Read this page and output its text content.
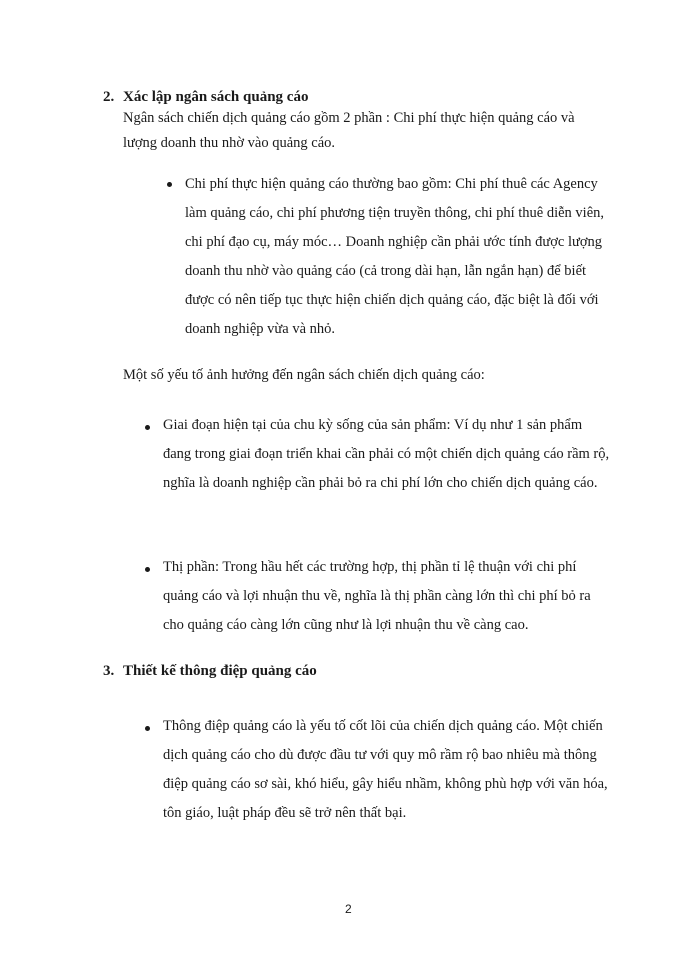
2. Xác lập ngân sách quảng cáo

Ngân sách chiến dịch quảng cáo gồm 2 phần : Chi phí thực hiện quảng cáo và lượng doanh thu nhờ vào quảng cáo.

Chi phí thực hiện quảng cáo thường bao gồm: Chi phí thuê các Agency làm quảng cáo, chi phí phương tiện truyền thông, chi phí thuê diễn viên, chi phí đạo cụ, máy móc… Doanh nghiệp cần phải ước tính được lượng doanh thu nhờ vào quảng cáo (cả trong dài hạn, lẫn ngắn hạn) để biết được có nên tiếp tục thực hiện chiến dịch quảng cáo, đặc biệt là đối với doanh nghiệp vừa và nhỏ.

Một số yếu tố ảnh hưởng đến ngân sách chiến dịch quảng cáo:

Giai đoạn hiện tại của chu kỳ sống của sản phẩm: Ví dụ như 1 sản phẩm đang trong giai đoạn triển khai cần phải có một chiến dịch quảng cáo rầm rộ, nghĩa là doanh nghiệp cần phải bỏ ra chi phí lớn cho chiến dịch quảng cáo.

Thị phần: Trong hầu hết các trường hợp, thị phần tỉ lệ thuận với chi phí quảng cáo và lợi nhuận thu về, nghĩa là thị phần càng lớn thì chi phí bỏ ra cho quảng cáo càng lớn cũng như là lợi nhuận thu về càng cao.

3. Thiết kế thông điệp quảng cáo

Thông điệp quảng cáo là yếu tố cốt lõi của chiến dịch quảng cáo. Một chiến dịch quảng cáo cho dù được đầu tư với quy mô rầm rộ bao nhiêu mà thông điệp quảng cáo sơ sài, khó hiểu, gây hiểu nhầm, không phù hợp với văn hóa, tôn giáo, luật pháp đều sẽ trở nên thất bại.

2
